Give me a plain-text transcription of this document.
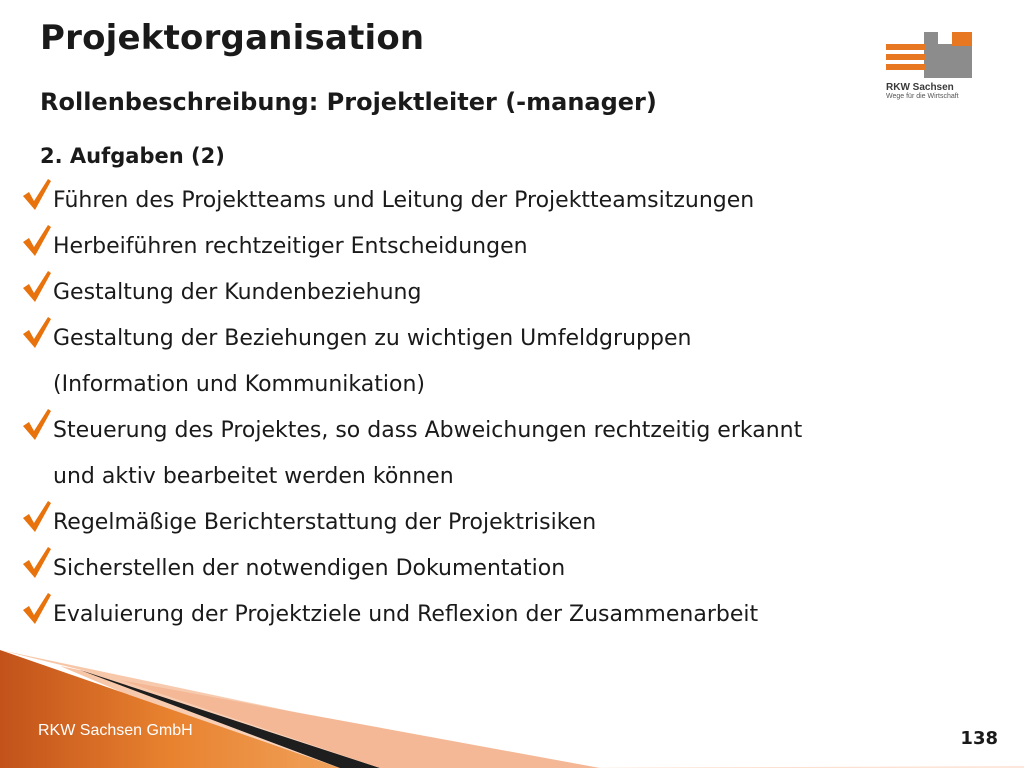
Projektorganisation
RKW Sachsen
Wege für die Wirtschaft
Rollenbeschreibung: Projektleiter (-manager)
2. Aufgaben (2)
Führen des Projektteams und Leitung der Projektteamsitzungen
Herbeiführen rechtzeitiger Entscheidungen
Gestaltung der Kundenbeziehung
Gestaltung der Beziehungen zu wichtigen Umfeldgruppen
(Information und Kommunikation)
Steuerung des Projektes, so dass Abweichungen rechtzeitig erkannt
und aktiv bearbeitet werden können
Regelmäßige Berichterstattung der Projektrisiken
Sicherstellen der notwendigen Dokumentation
Evaluierung der Projektziele und Reflexion der Zusammenarbeit
RKW Sachsen GmbH	138
